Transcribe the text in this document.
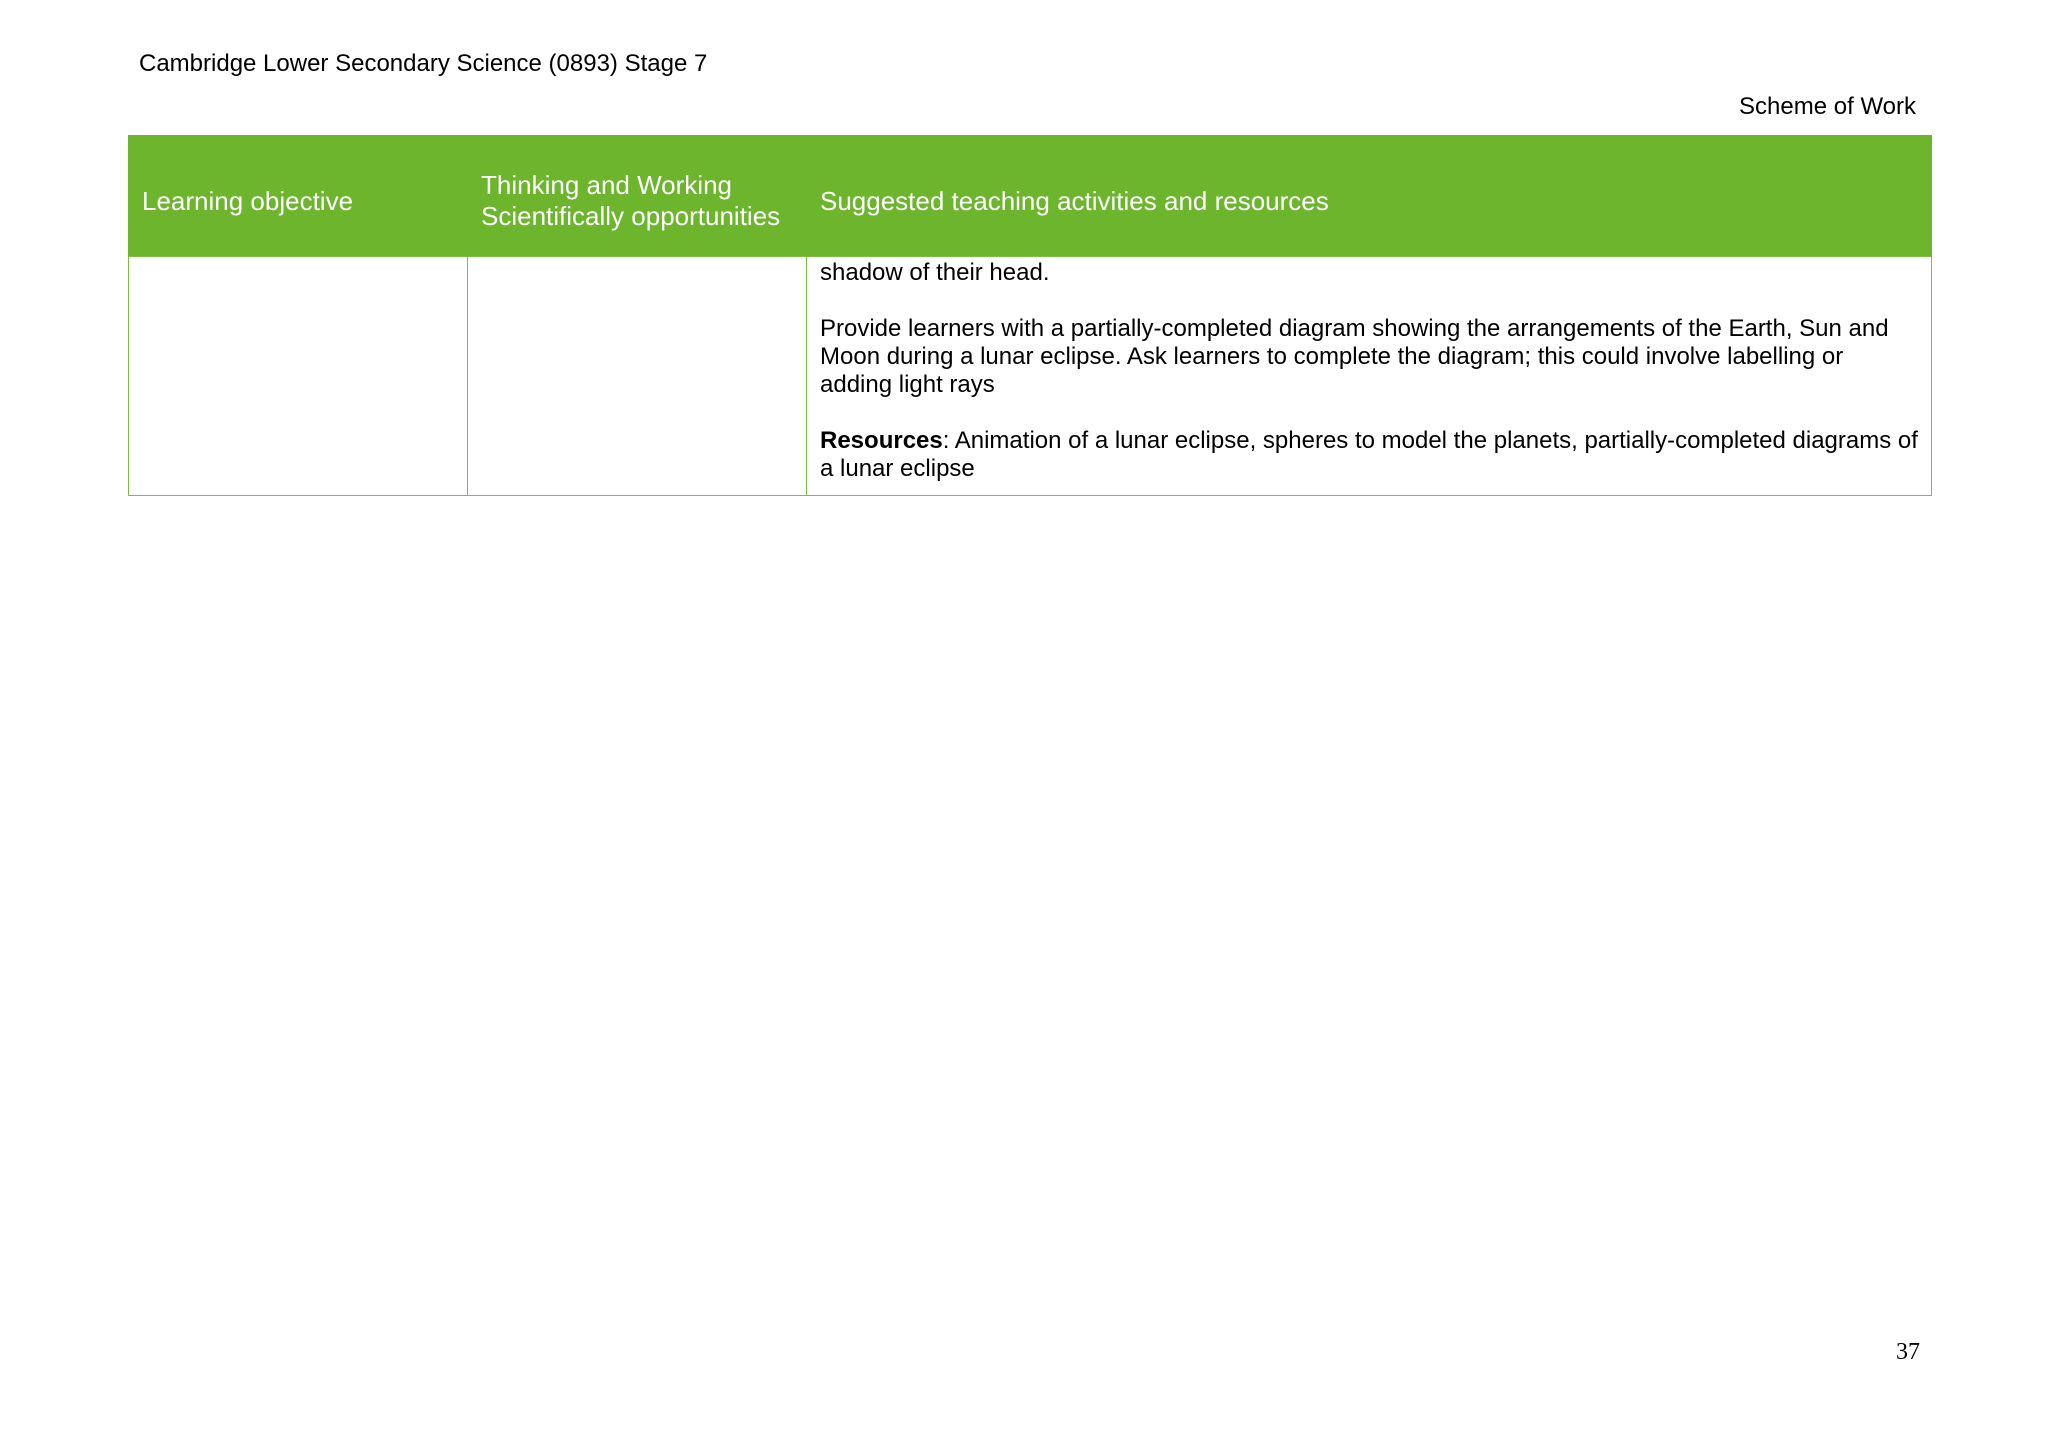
Cambridge Lower Secondary Science (0893) Stage 7
Scheme of Work
Learning objective	Thinking and Working Scientifically opportunities	Suggested teaching activities and resources

		shadow of their head.

Provide learners with a partially-completed diagram showing the arrangements of the Earth, Sun and Moon during a lunar eclipse. Ask learners to complete the diagram; this could involve labelling or adding light rays

Resources: Animation of a lunar eclipse, spheres to model the planets, partially-completed diagrams of a lunar eclipse

37
